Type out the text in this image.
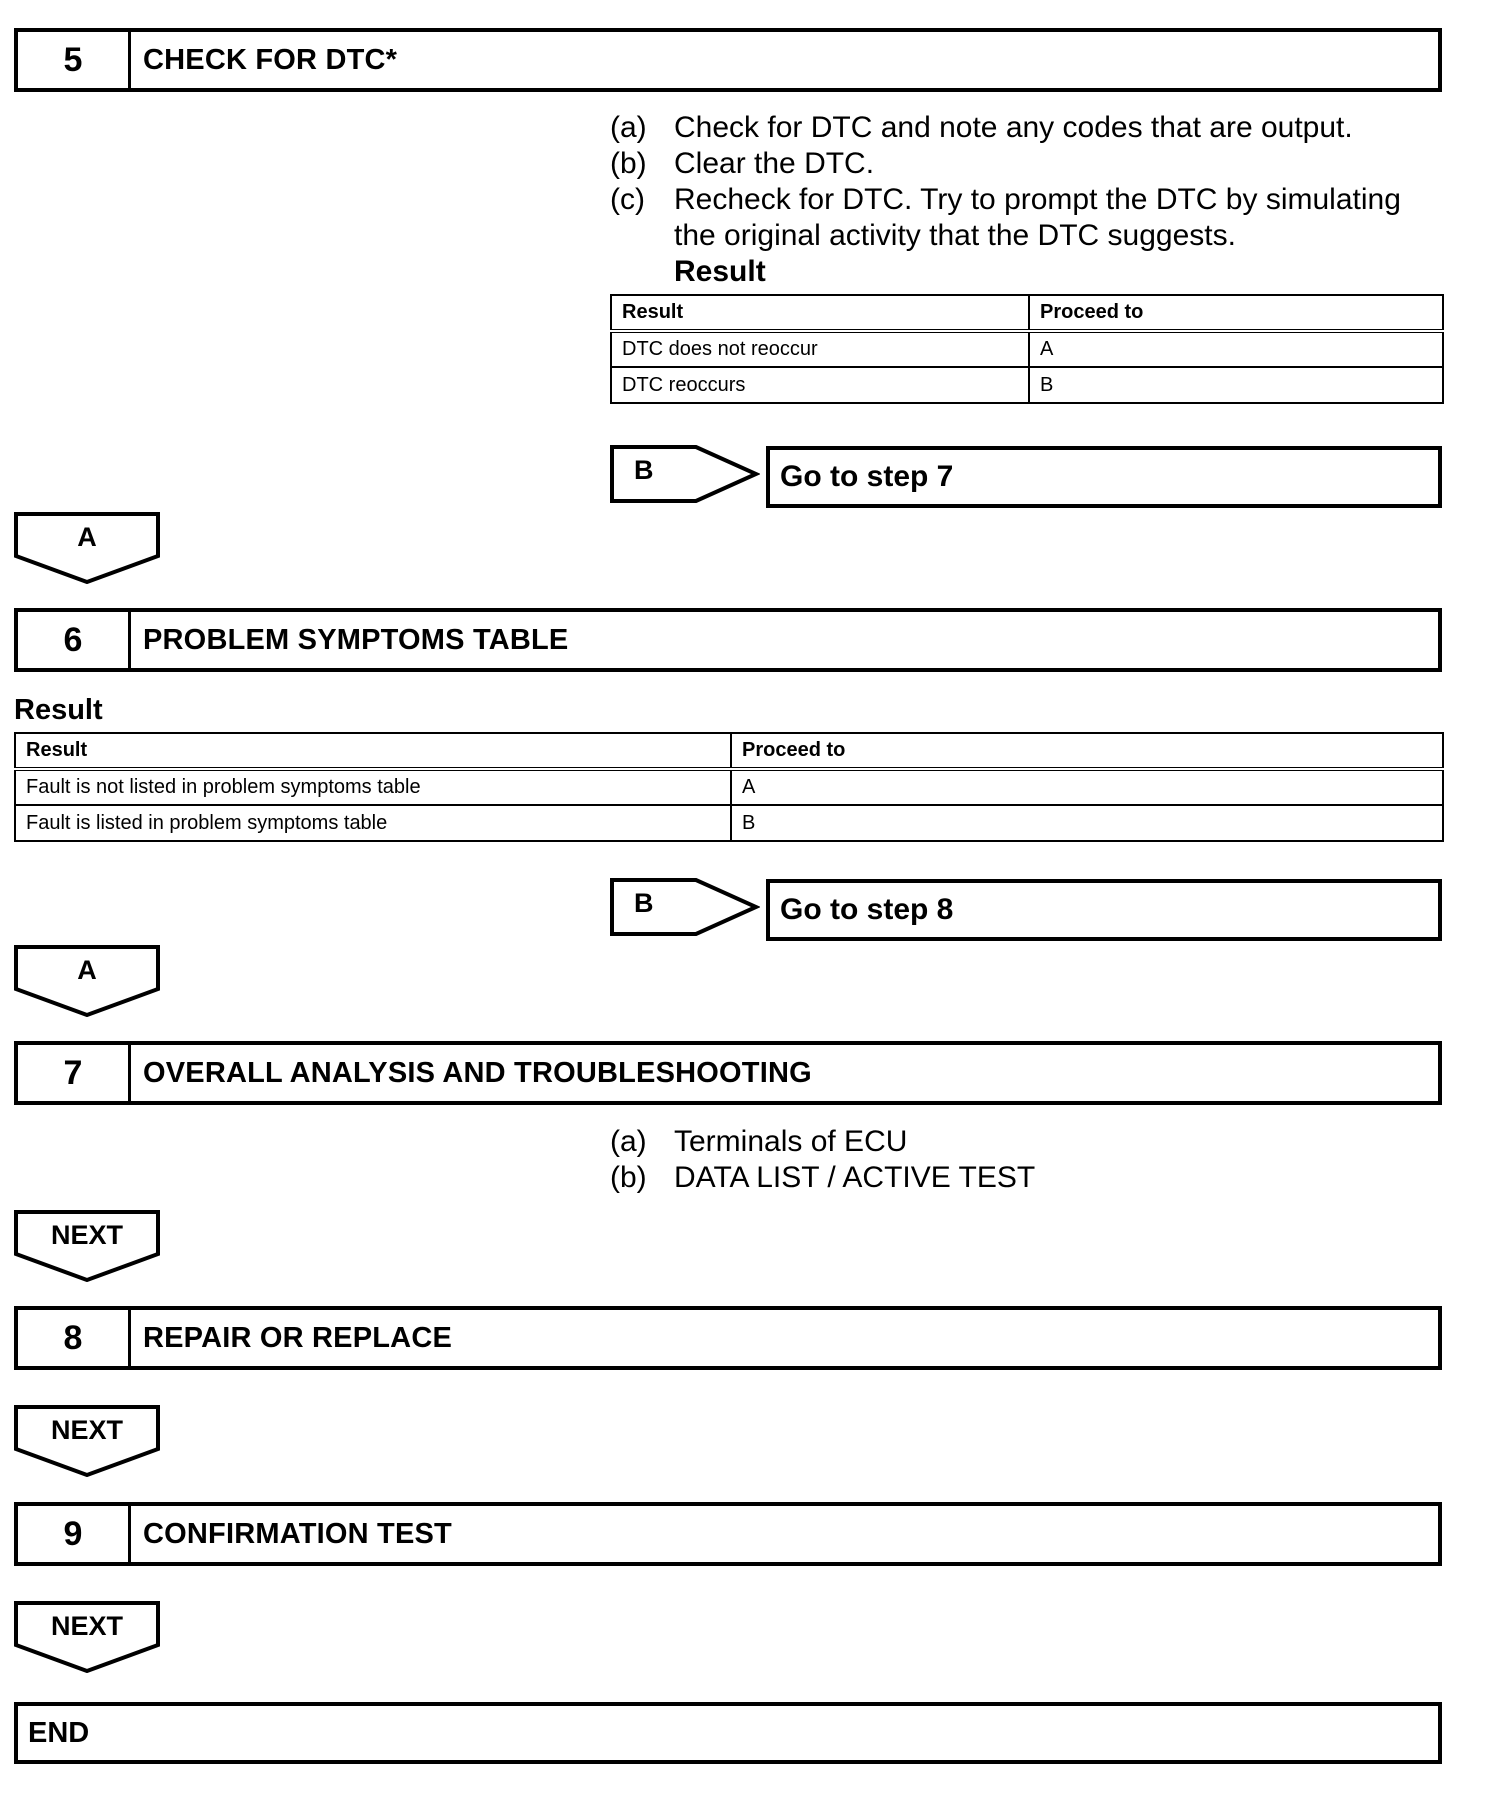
5	CHECK FOR DTC*
(a) Check for DTC and note any codes that are output.
(b) Clear the DTC.
(c) Recheck for DTC. Try to prompt the DTC by simulating the original activity that the DTC suggests.
Result
Result	Proceed to
DTC does not reoccur	A
DTC reoccurs	B
B	Go to step 7
A
6	PROBLEM SYMPTOMS TABLE
Result
Result	Proceed to
Fault is not listed in problem symptoms table	A
Fault is listed in problem symptoms table	B
B	Go to step 8
A
7	OVERALL ANALYSIS AND TROUBLESHOOTING
(a) Terminals of ECU
(b) DATA LIST / ACTIVE TEST
NEXT
8	REPAIR OR REPLACE
NEXT
9	CONFIRMATION TEST
NEXT
END
